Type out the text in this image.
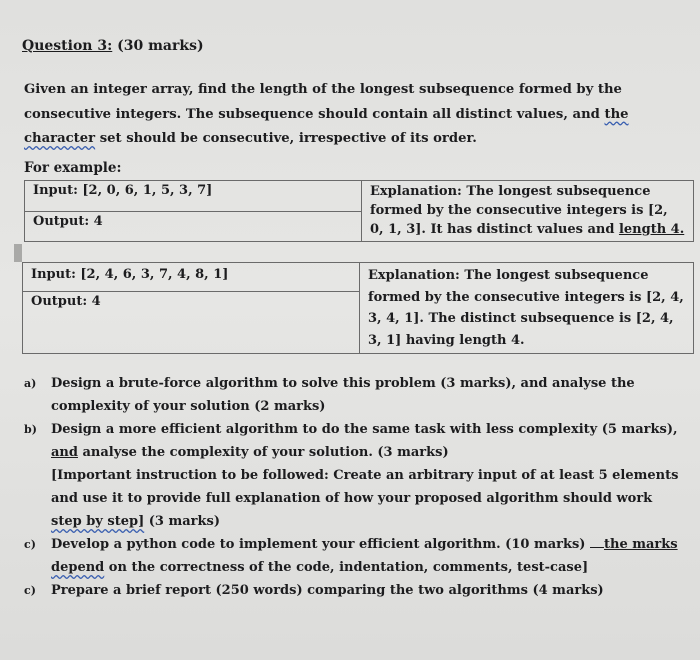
Question 3: (30 marks)
Given an integer array, find the length of the longest subsequence formed by the consecutive integers. The subsequence should contain all distinct values, and the character set should be consecutive, irrespective of its order.
For example:
Input: [2, 0, 6, 1, 5, 3, 7]	Explanation: The longest subsequence formed by the consecutive integers is [2, 0, 1, 3]. It has distinct values and length 4.
Output: 4
Input: [2, 4, 6, 3, 7, 4, 8, 1]	Explanation: The longest subsequence formed by the consecutive integers is [2, 4, 3, 4, 1]. The distinct subsequence is [2, 4, 3, 1] having length 4.
Output: 4
a) Design a brute-force algorithm to solve this problem (3 marks), and analyse the complexity of your solution (2 marks)
b) Design a more efficient algorithm to do the same task with less complexity (5 marks), and analyse the complexity of your solution. (3 marks)
[Important instruction to be followed: Create an arbitrary input of at least 5 elements and use it to provide full explanation of how your proposed algorithm should work step by step] (3 marks)
c) Develop a python code to implement your efficient algorithm. (10 marks) the marks
depend on the correctness of the code, indentation, comments, test-case]
c) Prepare a brief report (250 words) comparing the two algorithms (4 marks)
